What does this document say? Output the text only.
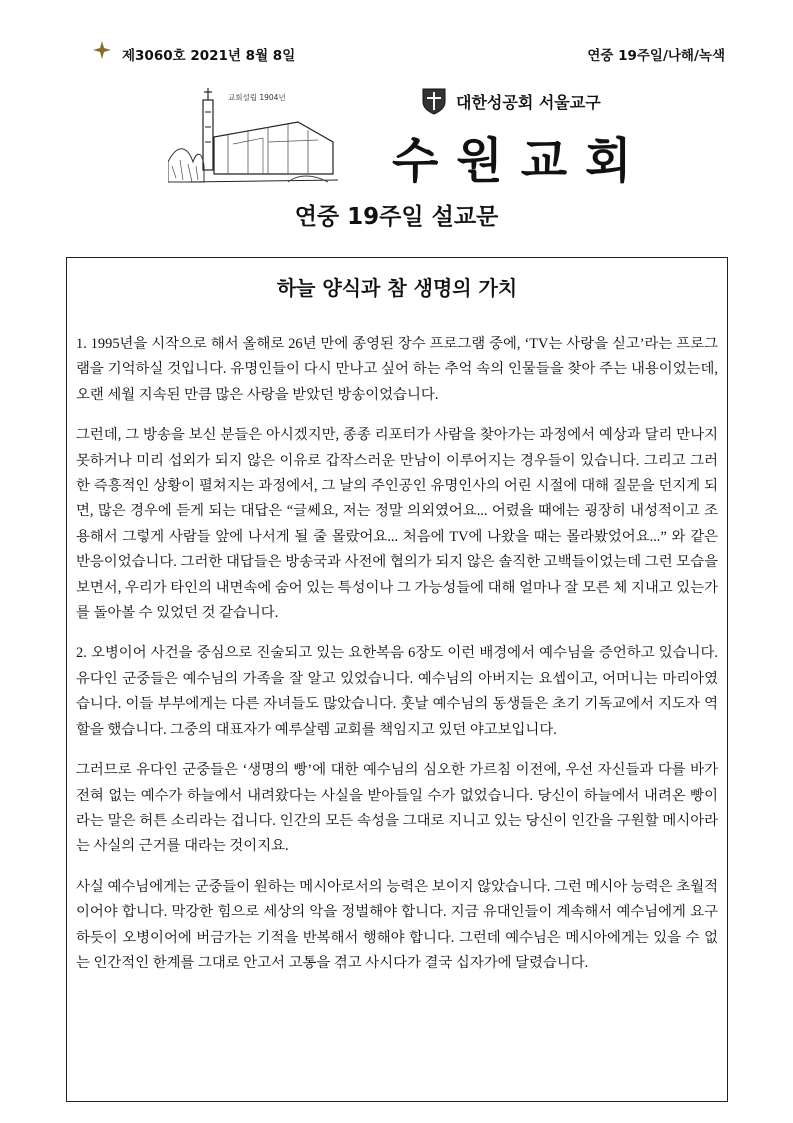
제3060호 2021년 8월 8일	연중 19주일/나해/녹색
교회설립 1904년	대한성공회 서울교구
수원교회
연중 19주일 설교문
하늘 양식과 참 생명의 가치

1. 1995년을 시작으로 해서 올해로 26년 만에 종영된 장수 프로그램 중에, ‘TV는 사랑을 싣고’라는 프로그램을 기억하실 것입니다. 유명인들이 다시 만나고 싶어 하는 추억 속의 인물들을 찾아 주는 내용이었는데, 오랜 세월 지속된 만큼 많은 사랑을 받았던 방송이었습니다.

그런데, 그 방송을 보신 분들은 아시겠지만, 종종 리포터가 사람을 찾아가는 과정에서 예상과 달리 만나지 못하거나 미리 섭외가 되지 않은 이유로 갑작스러운 만남이 이루어지는 경우들이 있습니다. 그리고 그러한 즉흥적인 상황이 펼쳐지는 과정에서, 그 날의 주인공인 유명인사의 어린 시절에 대해 질문을 던지게 되면, 많은 경우에 듣게 되는 대답은 “글쎄요, 저는 정말 의외였어요... 어렸을 때에는 굉장히 내성적이고 조용해서 그렇게 사람들 앞에 나서게 될 줄 몰랐어요... 처음에 TV에 나왔을 때는 몰라봤었어요...” 와 같은 반응이었습니다. 그러한 대답들은 방송국과 사전에 협의가 되지 않은 솔직한 고백들이었는데 그런 모습을 보면서, 우리가 타인의 내면속에 숨어 있는 특성이나 그 가능성들에 대해 얼마나 잘 모른 체 지내고 있는가를 돌아볼 수 있었던 것 같습니다.

2. 오병이어 사건을 중심으로 진술되고 있는 요한복음 6장도 이런 배경에서 예수님을 증언하고 있습니다. 유다인 군중들은 예수님의 가족을 잘 알고 있었습니다. 예수님의 아버지는 요셉이고, 어머니는 마리아였습니다. 이들 부부에게는 다른 자녀들도 많았습니다. 훗날 예수님의 동생들은 초기 기독교에서 지도자 역할을 했습니다. 그중의 대표자가 예루살렘 교회를 책임지고 있던 야고보입니다.

그러므로 유다인 군중들은 ‘생명의 빵’에 대한 예수님의 심오한 가르침 이전에, 우선 자신들과 다를 바가 전혀 없는 예수가 하늘에서 내려왔다는 사실을 받아들일 수가 없었습니다. 당신이 하늘에서 내려온 빵이라는 말은 허튼 소리라는 겁니다. 인간의 모든 속성을 그대로 지니고 있는 당신이 인간을 구원할 메시아라는 사실의 근거를 대라는 것이지요.

사실 예수님에게는 군중들이 원하는 메시아로서의 능력은 보이지 않았습니다. 그런 메시아 능력은 초월적이어야 합니다. 막강한 힘으로 세상의 악을 정벌해야 합니다. 지금 유대인들이 계속해서 예수님에게 요구하듯이 오병이어에 버금가는 기적을 반복해서 행해야 합니다. 그런데 예수님은 메시아에게는 있을 수 없는 인간적인 한계를 그대로 안고서 고통을 겪고 사시다가 결국 십자가에 달렸습니다.
